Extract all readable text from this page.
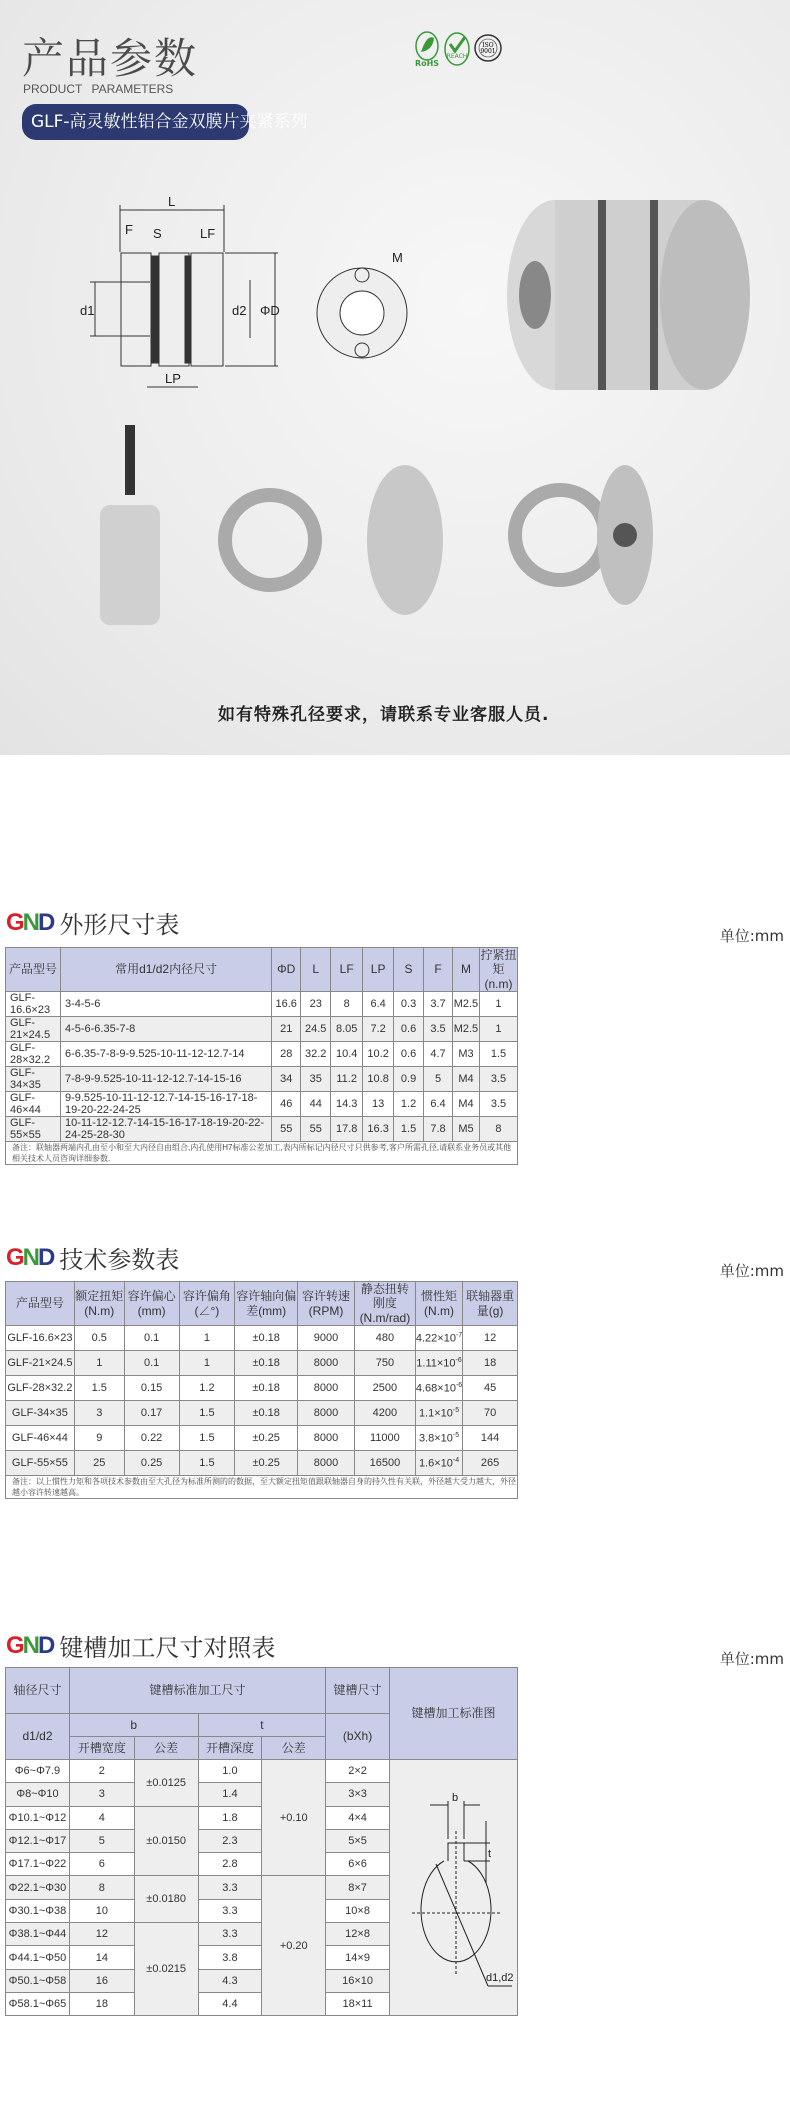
产品参数
PRODUCT PARAMETERS
GLF-高灵敏性铝合金双膜片夹紧系列
RoHS
REACH
ISO
9001
L
F S	LF
d1	d2 ΦD
LP
M
如有特殊孔径要求，请联系专业客服人员.
GND 外形尺寸表	单位:mm
产品型号	常用d1/d2内径尺寸	ΦD	L	LF	LP	S	F	M	拧紧扭矩(n.m)
GLF-16.6×23	3-4-5-6	16.6	23	8	6.4	0.3	3.7	M2.5	1
GLF-21×24.5	4-5-6-6.35-7-8	21	24.5	8.05	7.2	0.6	3.5	M2.5	1
GLF-28×32.2	6-6.35-7-8-9-9.525-10-11-12-12.7-14	28	32.2	10.4	10.2	0.6	4.7	M3	1.5
GLF-34×35	7-8-9-9.525-10-11-12-12.7-14-15-16	34	35	11.2	10.8	0.9	5	M4	3.5
GLF-46×44	9-9.525-10-11-12-12.7-14-15-16-17-18-19-20-22-24-25	46	44	14.3	13	1.2	6.4	M4	3.5
GLF-55×55	10-11-12-12.7-14-15-16-17-18-19-20-22-24-25-28-30	55	55	17.8	16.3	1.5	7.8	M5	8
备注：联轴器两端内孔由至小和至大内径自由组合,内孔使用H7标准公差加工,表内所标记内径尺寸只供参考,客户所需孔径,请联系业务员或其他相关技术人员咨询详细参数.									
GND 技术参数表	单位:mm
产品型号	额定扭矩(N.m)	容许偏心(mm)	容许偏角(∠°)	容许轴向偏差(mm)	容许转速(RPM)	静态扭转刚度(N.m/rad)	惯性矩(N.m)	联轴器重量(g)
GLF-16.6×23	0.5	0.1	1	±0.18	9000	480	$4.22\times 10^{-7}$	12
GLF-21×24.5	1	0.1	1	±0.18	8000	750	$1.11\times 10^{-6}$	18
GLF-28×32.2	1.5	0.15	1.2	±0.18	8000	2500	$4.68\times 10^{-6}$	45
GLF-34×35	3	0.17	1.5	±0.18	8000	4200	$1.1\times 10^{-5}$	70
GLF-46×44	9	0.22	1.5	±0.25	8000	11000	$3.8\times 10^{-5}$	144
GLF-55×55	25	0.25	1.5	±0.25	8000	16500	$1.6\times 10^{-4}$	265
备注：以上惯性力矩和各项技术参数由至大孔径为标准所测的的数据，至大额定扭矩值跟联轴器自身的持久性有关联，外径越大受力越大，外径越小容许转速越高。								
GND 键槽加工尺寸对照表	单位:mm
轴径尺寸	键槽标准加工尺寸				键槽尺寸	键槽加工标准图
d1/d2	b		t		(bXh)	
	开槽宽度	公差	开槽深度	公差		
Φ6~Φ7.9	2	±0.0125	1.0	+0.10	2×2	b
t
d1,d2

Φ8~Φ10	3		1.4		3×3	
Φ10.1~Φ12	4	±0.0150	1.8		4×4	
Φ12.1~Φ17	5		2.3		5×5	
Φ17.1~Φ22	6		2.8		6×6	
Φ22.1~Φ30	8	±0.0180	3.3	+0.20	8×7	
Φ30.1~Φ38	10		3.3		10×8	
Φ38.1~Φ44	12	±0.0215	3.3		12×8	
Φ44.1~Φ50	14		3.8		14×9	
Φ50.1~Φ58	16		4.3		16×10	
Φ58.1~Φ65	18		4.4		18×11	
